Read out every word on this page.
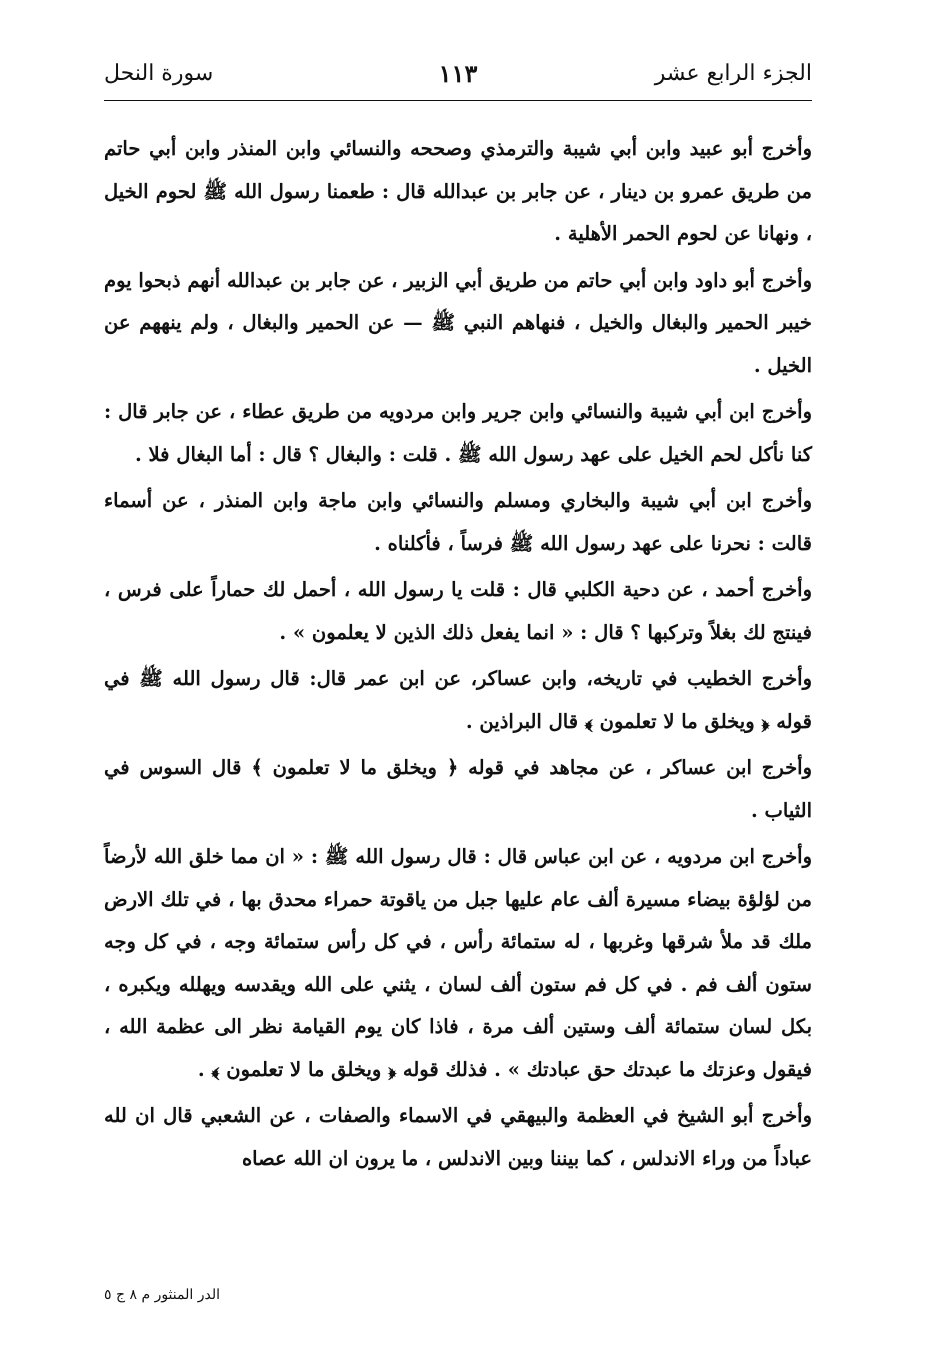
الجزء الرابع عشر
١١٣
سورة النحل

وأخرج أبو عبيد وابن أبي شيبة والترمذي وصححه والنسائي وابن المنذر وابن أبي حاتم من طريق عمرو بن دينار ، عن جابر بن عبدالله قال : طعمنا رسول الله ﷺ لحوم الخيل ، ونهانا عن لحوم الحمر الأهلية .

وأخرج أبو داود وابن أبي حاتم من طريق أبي الزبير ، عن جابر بن عبدالله أنهم ذبحوا يوم خيبر الحمير والبغال والخيل ، فنهاهم النبي ﷺ — عن الحمير والبغال ، ولم ينههم عن الخيل .

وأخرج ابن أبي شيبة والنسائي وابن جرير وابن مردويه من طريق عطاء ، عن جابر قال : كنا نأكل لحم الخيل على عهد رسول الله ﷺ . قلت : والبغال ؟ قال : أما البغال فلا .

وأخرج ابن أبي شيبة والبخاري ومسلم والنسائي وابن ماجة وابن المنذر ، عن أسماء قالت : نحرنا على عهد رسول الله ﷺ فرساً ، فأكلناه .

وأخرج أحمد ، عن دحية الكلبي قال : قلت يا رسول الله ، أحمل لك حماراً على فرس ، فينتج لك بغلاً وتركبها ؟ قال : « انما يفعل ذلك الذين لا يعلمون » .

وأخرج الخطيب في تاريخه، وابن عساكر، عن ابن عمر قال: قال رسول الله ﷺ في قوله ﴿ ويخلق ما لا تعلمون ﴾ قال البراذين .

وأخرج ابن عساكر ، عن مجاهد في قوله ﴿ ويخلق ما لا تعلمون ﴾ قال السوس في الثياب .

وأخرج ابن مردويه ، عن ابن عباس قال : قال رسول الله ﷺ : « ان مما خلق الله لأرضاً من لؤلؤة بيضاء مسيرة ألف عام عليها جبل من ياقوتة حمراء محدق بها ، في تلك الارض ملك قد ملأ شرقها وغربها ، له ستمائة رأس ، في كل رأس ستمائة وجه ، في كل وجه ستون ألف فم . في كل فم ستون ألف لسان ، يثني على الله ويقدسه ويهلله ويكبره ، بكل لسان ستمائة ألف وستين ألف مرة ، فاذا كان يوم القيامة نظر الى عظمة الله ، فيقول وعزتك ما عبدتك حق عبادتك » . فذلك قوله ﴿ ويخلق ما لا تعلمون ﴾ .

وأخرج أبو الشيخ في العظمة والبيهقي في الاسماء والصفات ، عن الشعبي قال ان لله عباداً من وراء الاندلس ، كما بيننا وبين الاندلس ، ما يرون ان الله عصاه

الدر المنثور م ٨ ج ٥
